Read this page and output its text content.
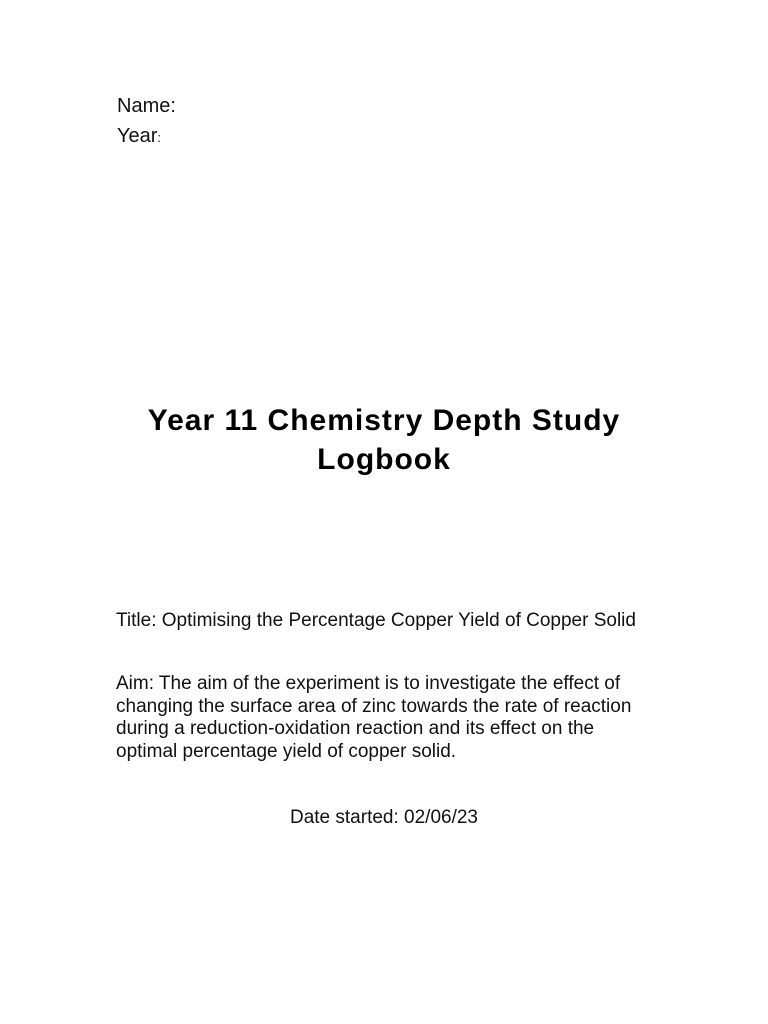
Name:
Year:
Year 11 Chemistry Depth Study
Logbook
Title: Optimising the Percentage Copper Yield of Copper Solid
Aim: The aim of the experiment is to investigate the effect of changing the surface area of zinc towards the rate of reaction during a reduction-oxidation reaction and its effect on the optimal percentage yield of copper solid.
Date started: 02/06/23
